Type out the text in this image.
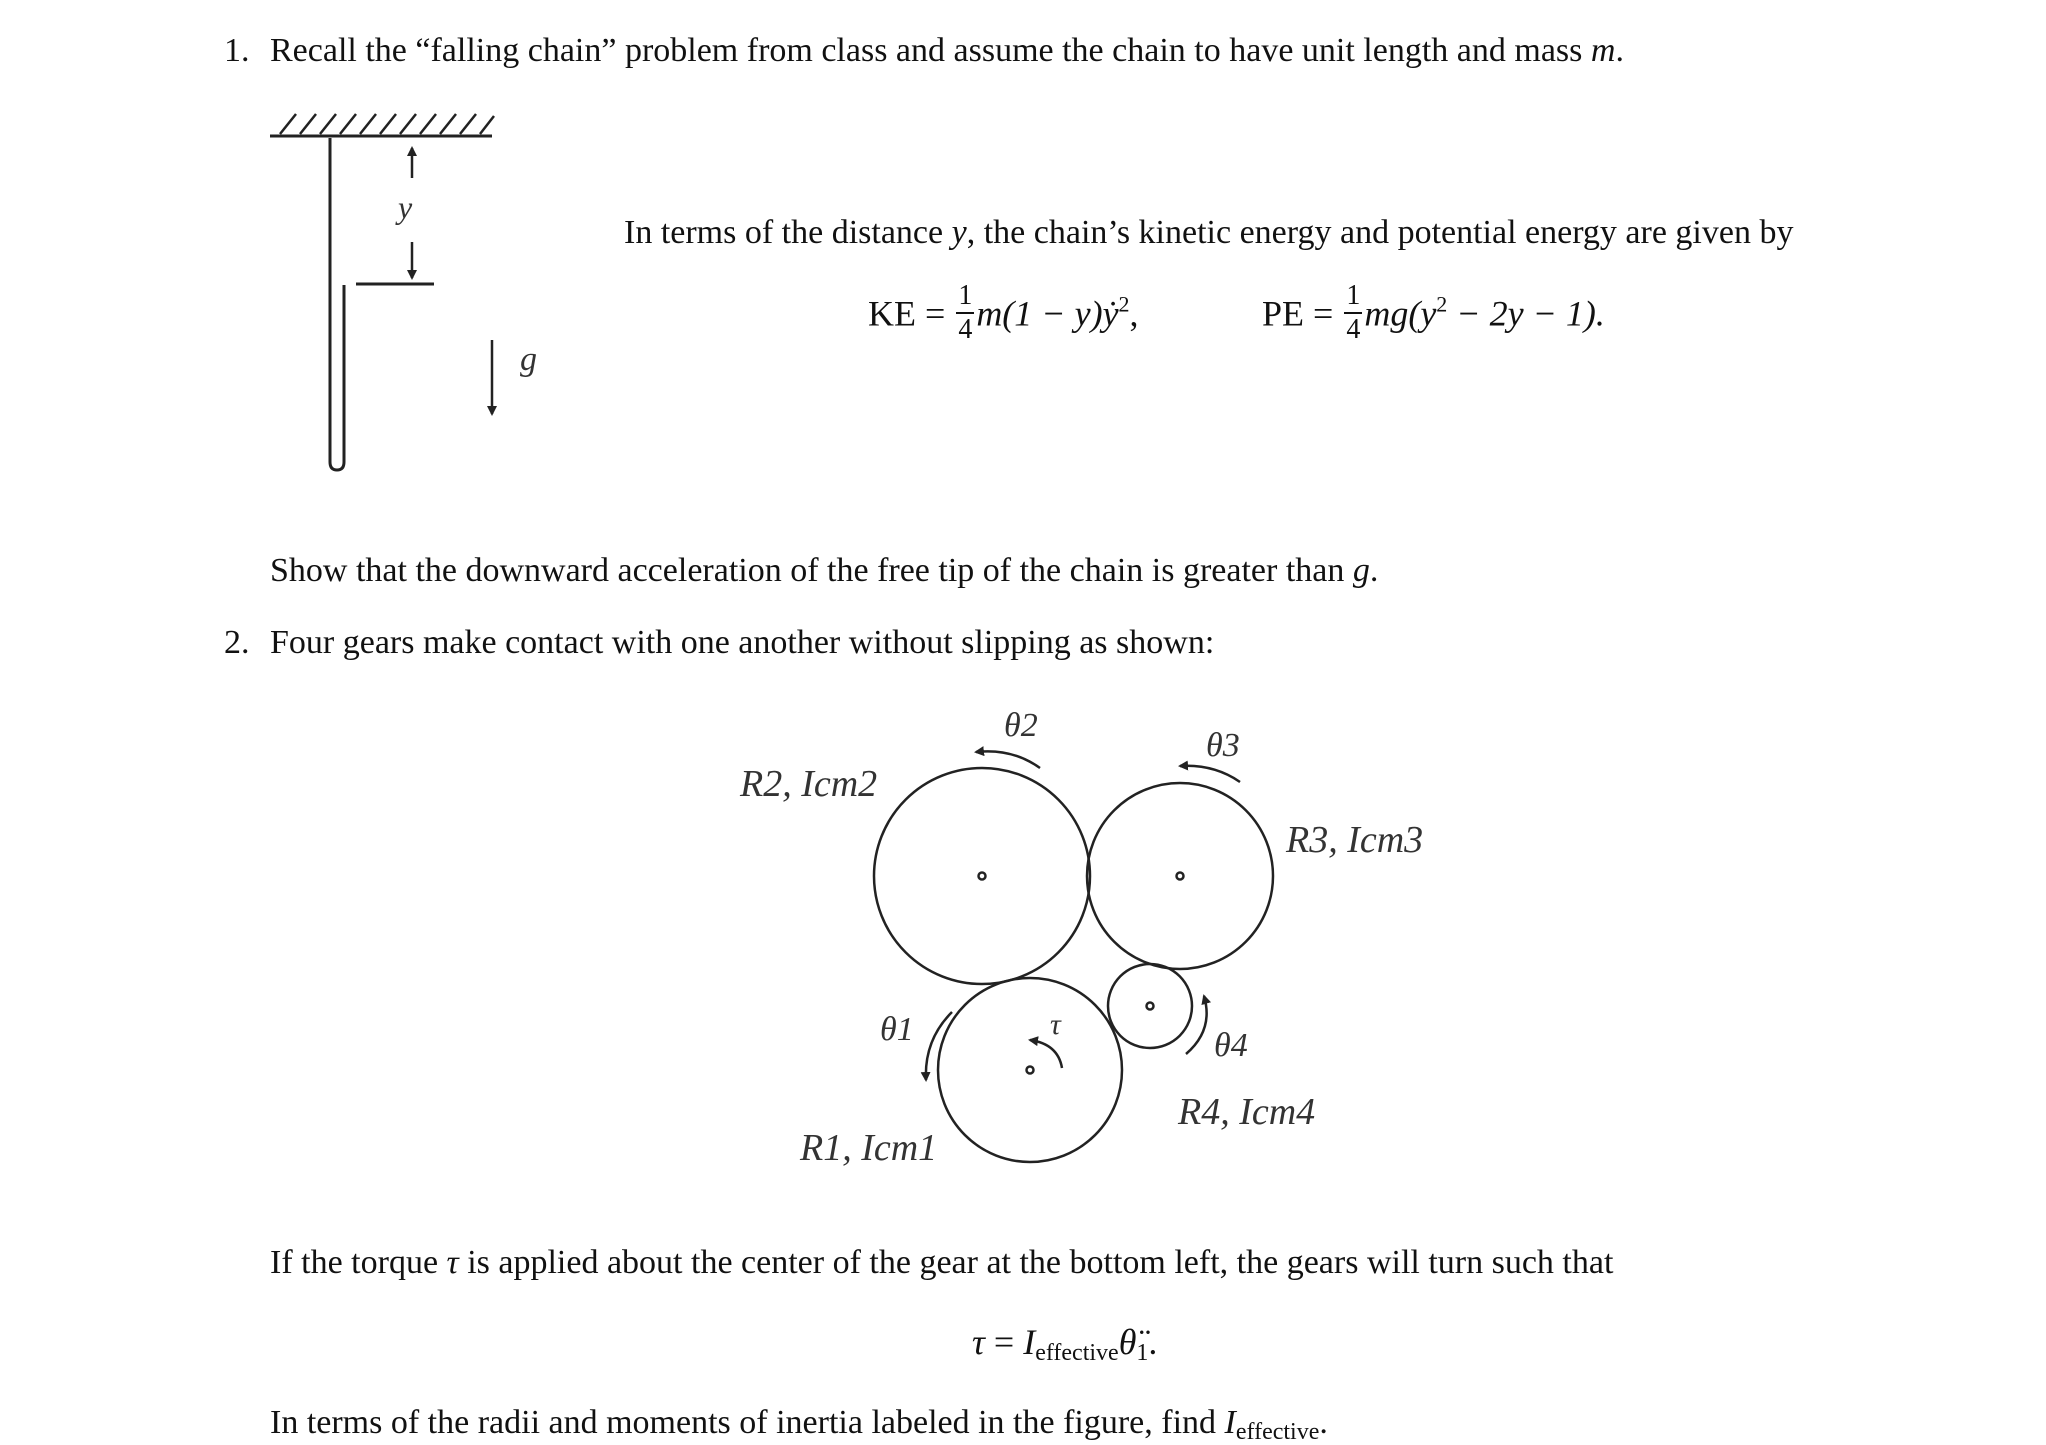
1. Recall the “falling chain” problem from class and assume the chain to have unit length and mass m.
In terms of the distance y, the chain’s kinetic energy and potential energy are given by
KE = $\frac{1}{4} m(1$ − y)ẏ$^2$,	PE = $\frac{1}{4} mg(y^2 - 2y - 1)$.
Show that the downward acceleration of the free tip of the chain is greater than g.
2. Four gears make contact with one another without slipping as shown:
If the torque τ is applied about the center of the gear at the bottom left, the gears will turn such that
$\tau = I_{effective}\thetä_1$.
In terms of the radii and moments of inertia labeled in the figure, find $I_{effective}$.
y
g
θ2
θ3
θ1	θ4
τ
R2, Icm2
R3, Icm3
R1, Icm1
R4, Icm4
